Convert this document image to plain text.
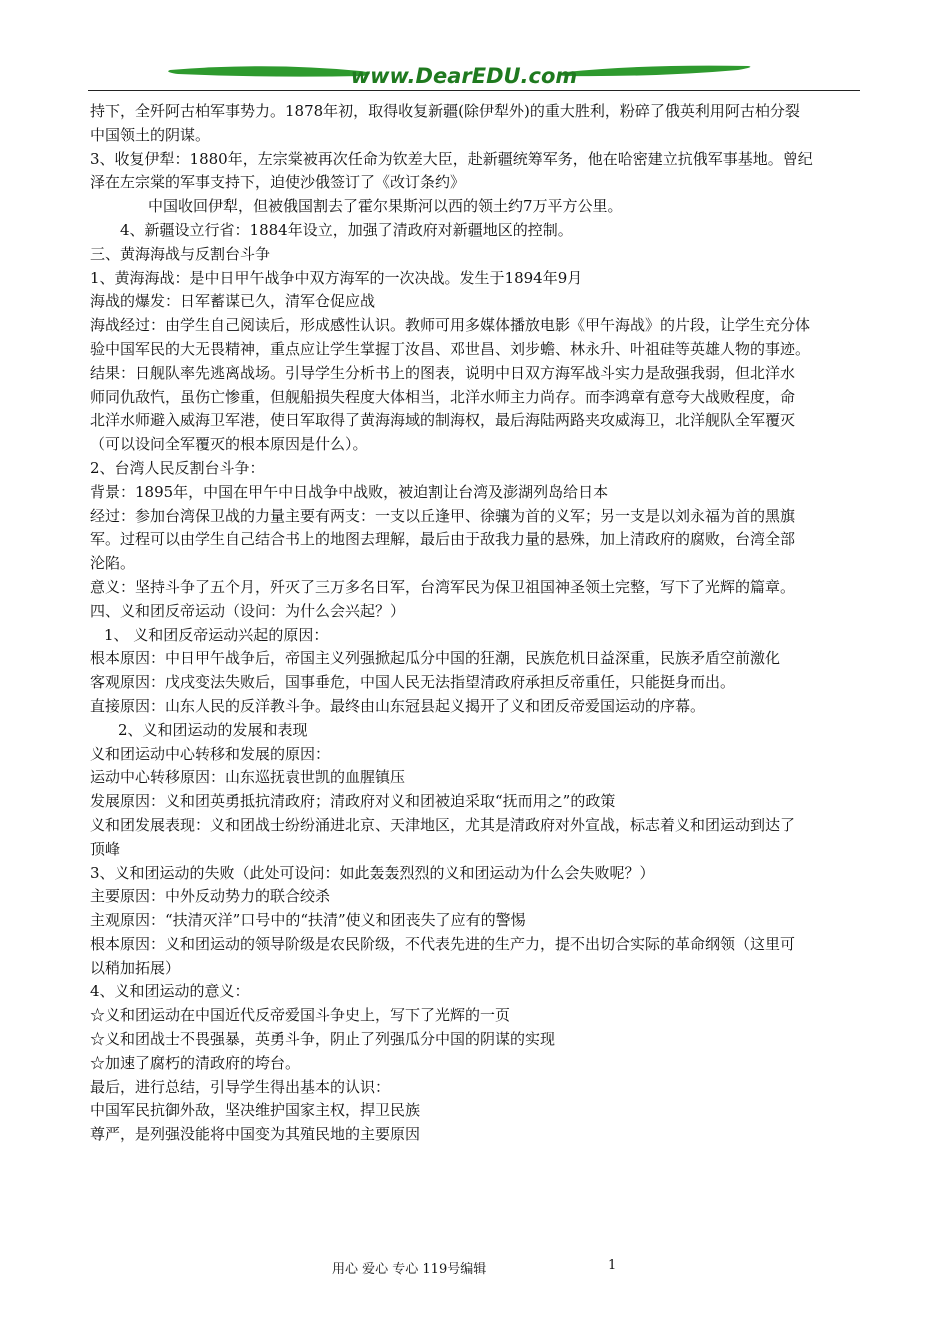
www.DearEDU.com
持下，全歼阿古柏军事势力。1878年初，取得收复新疆(除伊犁外)的重大胜利，粉碎了俄英利用阿古柏分裂
中国领土的阴谋。
3、收复伊犁：1880年，左宗棠被再次任命为钦差大臣，赴新疆统筹军务，他在哈密建立抗俄军事基地。曾纪
泽在左宗棠的军事支持下，迫使沙俄签订了《改订条约》
中国收回伊犁，但被俄国割去了霍尔果斯河以西的领土约7万平方公里。
4、新疆设立行省：1884年设立，加强了清政府对新疆地区的控制。
三、黄海海战与反割台斗争
1、黄海海战：是中日甲午战争中双方海军的一次决战。发生于1894年9月
海战的爆发：日军蓄谋已久，清军仓促应战
海战经过：由学生自己阅读后，形成感性认识。教师可用多媒体播放电影《甲午海战》的片段，让学生充分体
验中国军民的大无畏精神，重点应让学生掌握丁汝昌、邓世昌、刘步蟾、林永升、叶祖硅等英雄人物的事迹。
结果：日舰队率先逃离战场。引导学生分析书上的图表，说明中日双方海军战斗实力是敌强我弱，但北洋水
师同仇敌忾，虽伤亡惨重，但舰船损失程度大体相当，北洋水师主力尚存。而李鸿章有意夸大战败程度，命
北洋水师避入威海卫军港，使日军取得了黄海海域的制海权，最后海陆两路夹攻威海卫，北洋舰队全军覆灭
（可以设问全军覆灭的根本原因是什么）。
2、台湾人民反割台斗争：
背景：1895年，中国在甲午中日战争中战败，被迫割让台湾及澎湖列岛给日本
经过：参加台湾保卫战的力量主要有两支：一支以丘逢甲、徐骧为首的义军；另一支是以刘永福为首的黑旗
军。过程可以由学生自己结合书上的地图去理解，最后由于敌我力量的悬殊，加上清政府的腐败，台湾全部
沦陷。
意义：坚持斗争了五个月，歼灭了三万多名日军，台湾军民为保卫祖国神圣领土完整，写下了光辉的篇章。
四、义和团反帝运动（设问：为什么会兴起？）
1、 义和团反帝运动兴起的原因：
根本原因：中日甲午战争后，帝国主义列强掀起瓜分中国的狂潮，民族危机日益深重，民族矛盾空前激化
客观原因：戊戌变法失败后，国事垂危，中国人民无法指望清政府承担反帝重任，只能挺身而出。
直接原因：山东人民的反洋教斗争。最终由山东冠县起义揭开了义和团反帝爱国运动的序幕。
2、义和团运动的发展和表现
义和团运动中心转移和发展的原因：
运动中心转移原因：山东巡抚袁世凯的血腥镇压
发展原因：义和团英勇抵抗清政府；清政府对义和团被迫采取“抚而用之”的政策
义和团发展表现：义和团战士纷纷涌进北京、天津地区，尤其是清政府对外宣战，标志着义和团运动到达了
顶峰
3、义和团运动的失败（此处可设问：如此轰轰烈烈的义和团运动为什么会失败呢？）
主要原因：中外反动势力的联合绞杀
主观原因：“扶清灭洋”口号中的“扶清”使义和团丧失了应有的警惕
根本原因：义和团运动的领导阶级是农民阶级，不代表先进的生产力，提不出切合实际的革命纲领（这里可
以稍加拓展）
4、义和团运动的意义：
☆义和团运动在中国近代反帝爱国斗争史上，写下了光辉的一页
☆义和团战士不畏强暴，英勇斗争，阴止了列强瓜分中国的阴谋的实现
☆加速了腐朽的清政府的垮台。
最后，进行总结，引导学生得出基本的认识：
中国军民抗御外敌，坚决维护国家主权，捍卫民族
尊严，是列强没能将中国变为其殖民地的主要原因
用心 爱心 专心 119号编辑	1
